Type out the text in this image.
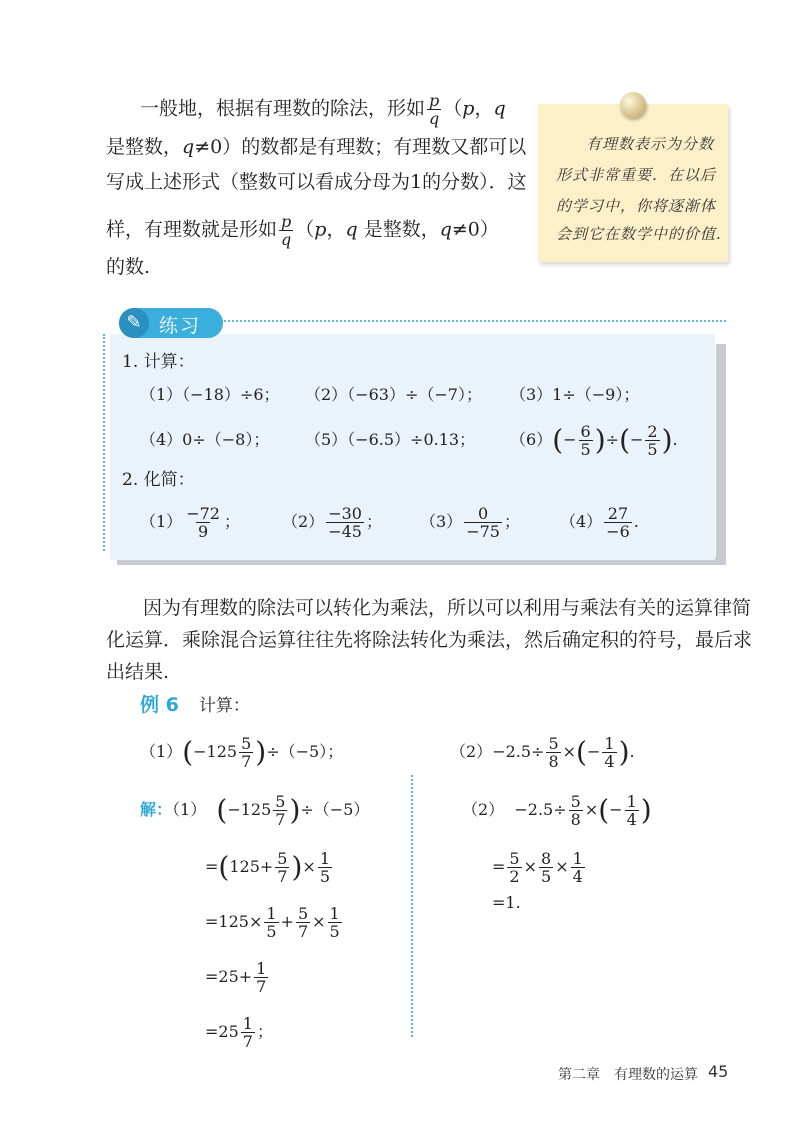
一般地，根据有理数的除法，形如 $\frac{p}{q} (p$，q
是整数，q≠0）的数都是有理数；有理数又都可以
写成上述形式（整数可以看成分母为1的分数）．这
样，有理数就是形如 $\frac{p}{q} (p$，q 是整数，q≠0）
的数.
有理数表示为分数
形式非常重要．在以后
的学习中，你将逐渐体
会到它在数学中的价值.
✎ 练习
1. 计算：
（1）（−18）÷6； （2）（−63）÷（−7）； （3）1÷（−9）；
（4）0÷（−8）； （5）（−6.5）÷0.13； $(6)(- \frac{6}{5}$ )÷(− $\frac{2}{5}$ ).
2. 化简：
$(1) \frac{-72}{9}$ ；	$(2) \frac{-30}{-45}$ ； $(3) \frac{0}{-75}$ ；	$(4) \frac{27}{-6}$ .
因为有理数的除法可以转化为乘法，所以可以利用与乘法有关的运算律简
化运算．乘除混合运算往往先将除法转化为乘法，然后确定积的符号，最后求
出结果.
例 6 计算：
$(1)(-125 \frac{5}{7} )\div(-5)$；	$(2)-2.5\div \frac{5}{8}$ ×(− $\frac{1}{4}$ ).
解：（1） $(-125 \frac{5}{7} )\div(-5)$
$=(125+ \frac{5}{7}$ )× $\frac{1}{5}$
$=125\times \frac{1}{5} + \frac{5}{7} \times \frac{1}{5}$
$=25+ \frac{1}{7}$
$=25 \frac{1}{7}$ ；
$(2) -2.5\div \frac{5}{8}$ ×(− $\frac{1}{4}$ )
= $\frac{5}{2} \times \frac{8}{5} \times \frac{1}{4}$
=1.
第二章　有理数的运算 45
